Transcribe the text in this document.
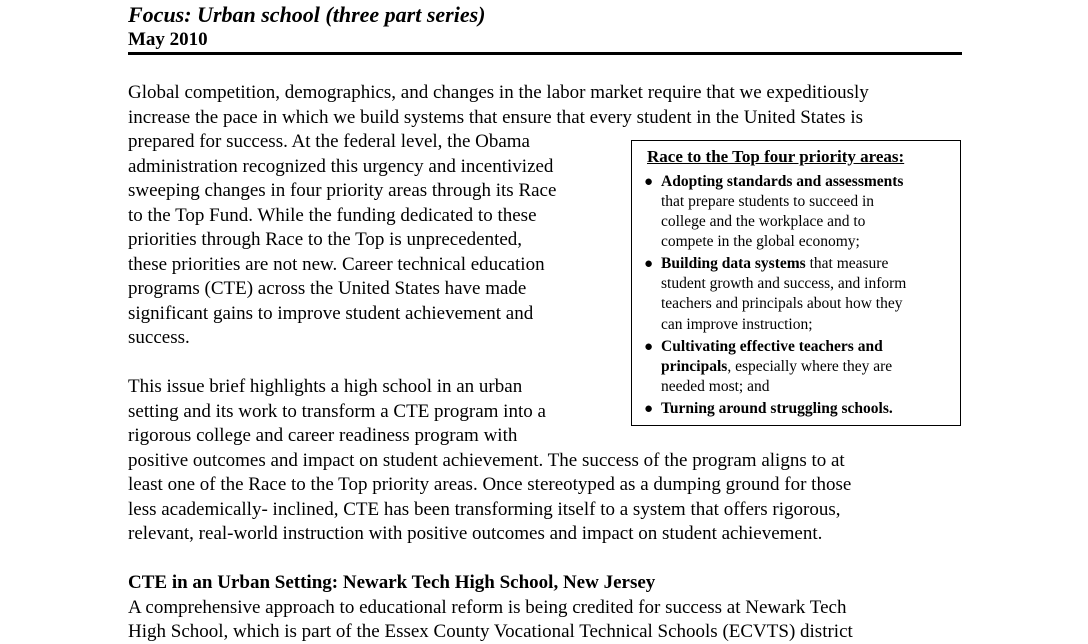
Focus: Urban school (three part series)
May 2010
Global competition, demographics, and changes in the labor market require that we expeditiously
increase the pace in which we build systems that ensure that every student in the United States is
prepared for success. At the federal level, the Obama
administration recognized this urgency and incentivized
sweeping changes in four priority areas through its Race
to the Top Fund. While the funding dedicated to these
priorities through Race to the Top is unprecedented,
these priorities are not new. Career technical education
programs (CTE) across the United States have made
significant gains to improve student achievement and
success.
This issue brief highlights a high school in an urban
setting and its work to transform a CTE program into a
rigorous college and career readiness program with
positive outcomes and impact on student achievement. The success of the program aligns to at
least one of the Race to the Top priority areas. Once stereotyped as a dumping ground for those
less academically- inclined, CTE has been transforming itself to a system that offers rigorous,
relevant, real-world instruction with positive outcomes and impact on student achievement.
CTE in an Urban Setting: Newark Tech High School, New Jersey
A comprehensive approach to educational reform is being credited for success at Newark Tech
High School, which is part of the Essex County Vocational Technical Schools (ECVTS) district
Race to the Top four priority areas:
● Adopting standards and assessments
that prepare students to succeed in
college and the workplace and to
compete in the global economy;
● Building data systems that measure
student growth and success, and inform
teachers and principals about how they
can improve instruction;
● Cultivating effective teachers and
principals, especially where they are
needed most; and
● Turning around struggling schools.
